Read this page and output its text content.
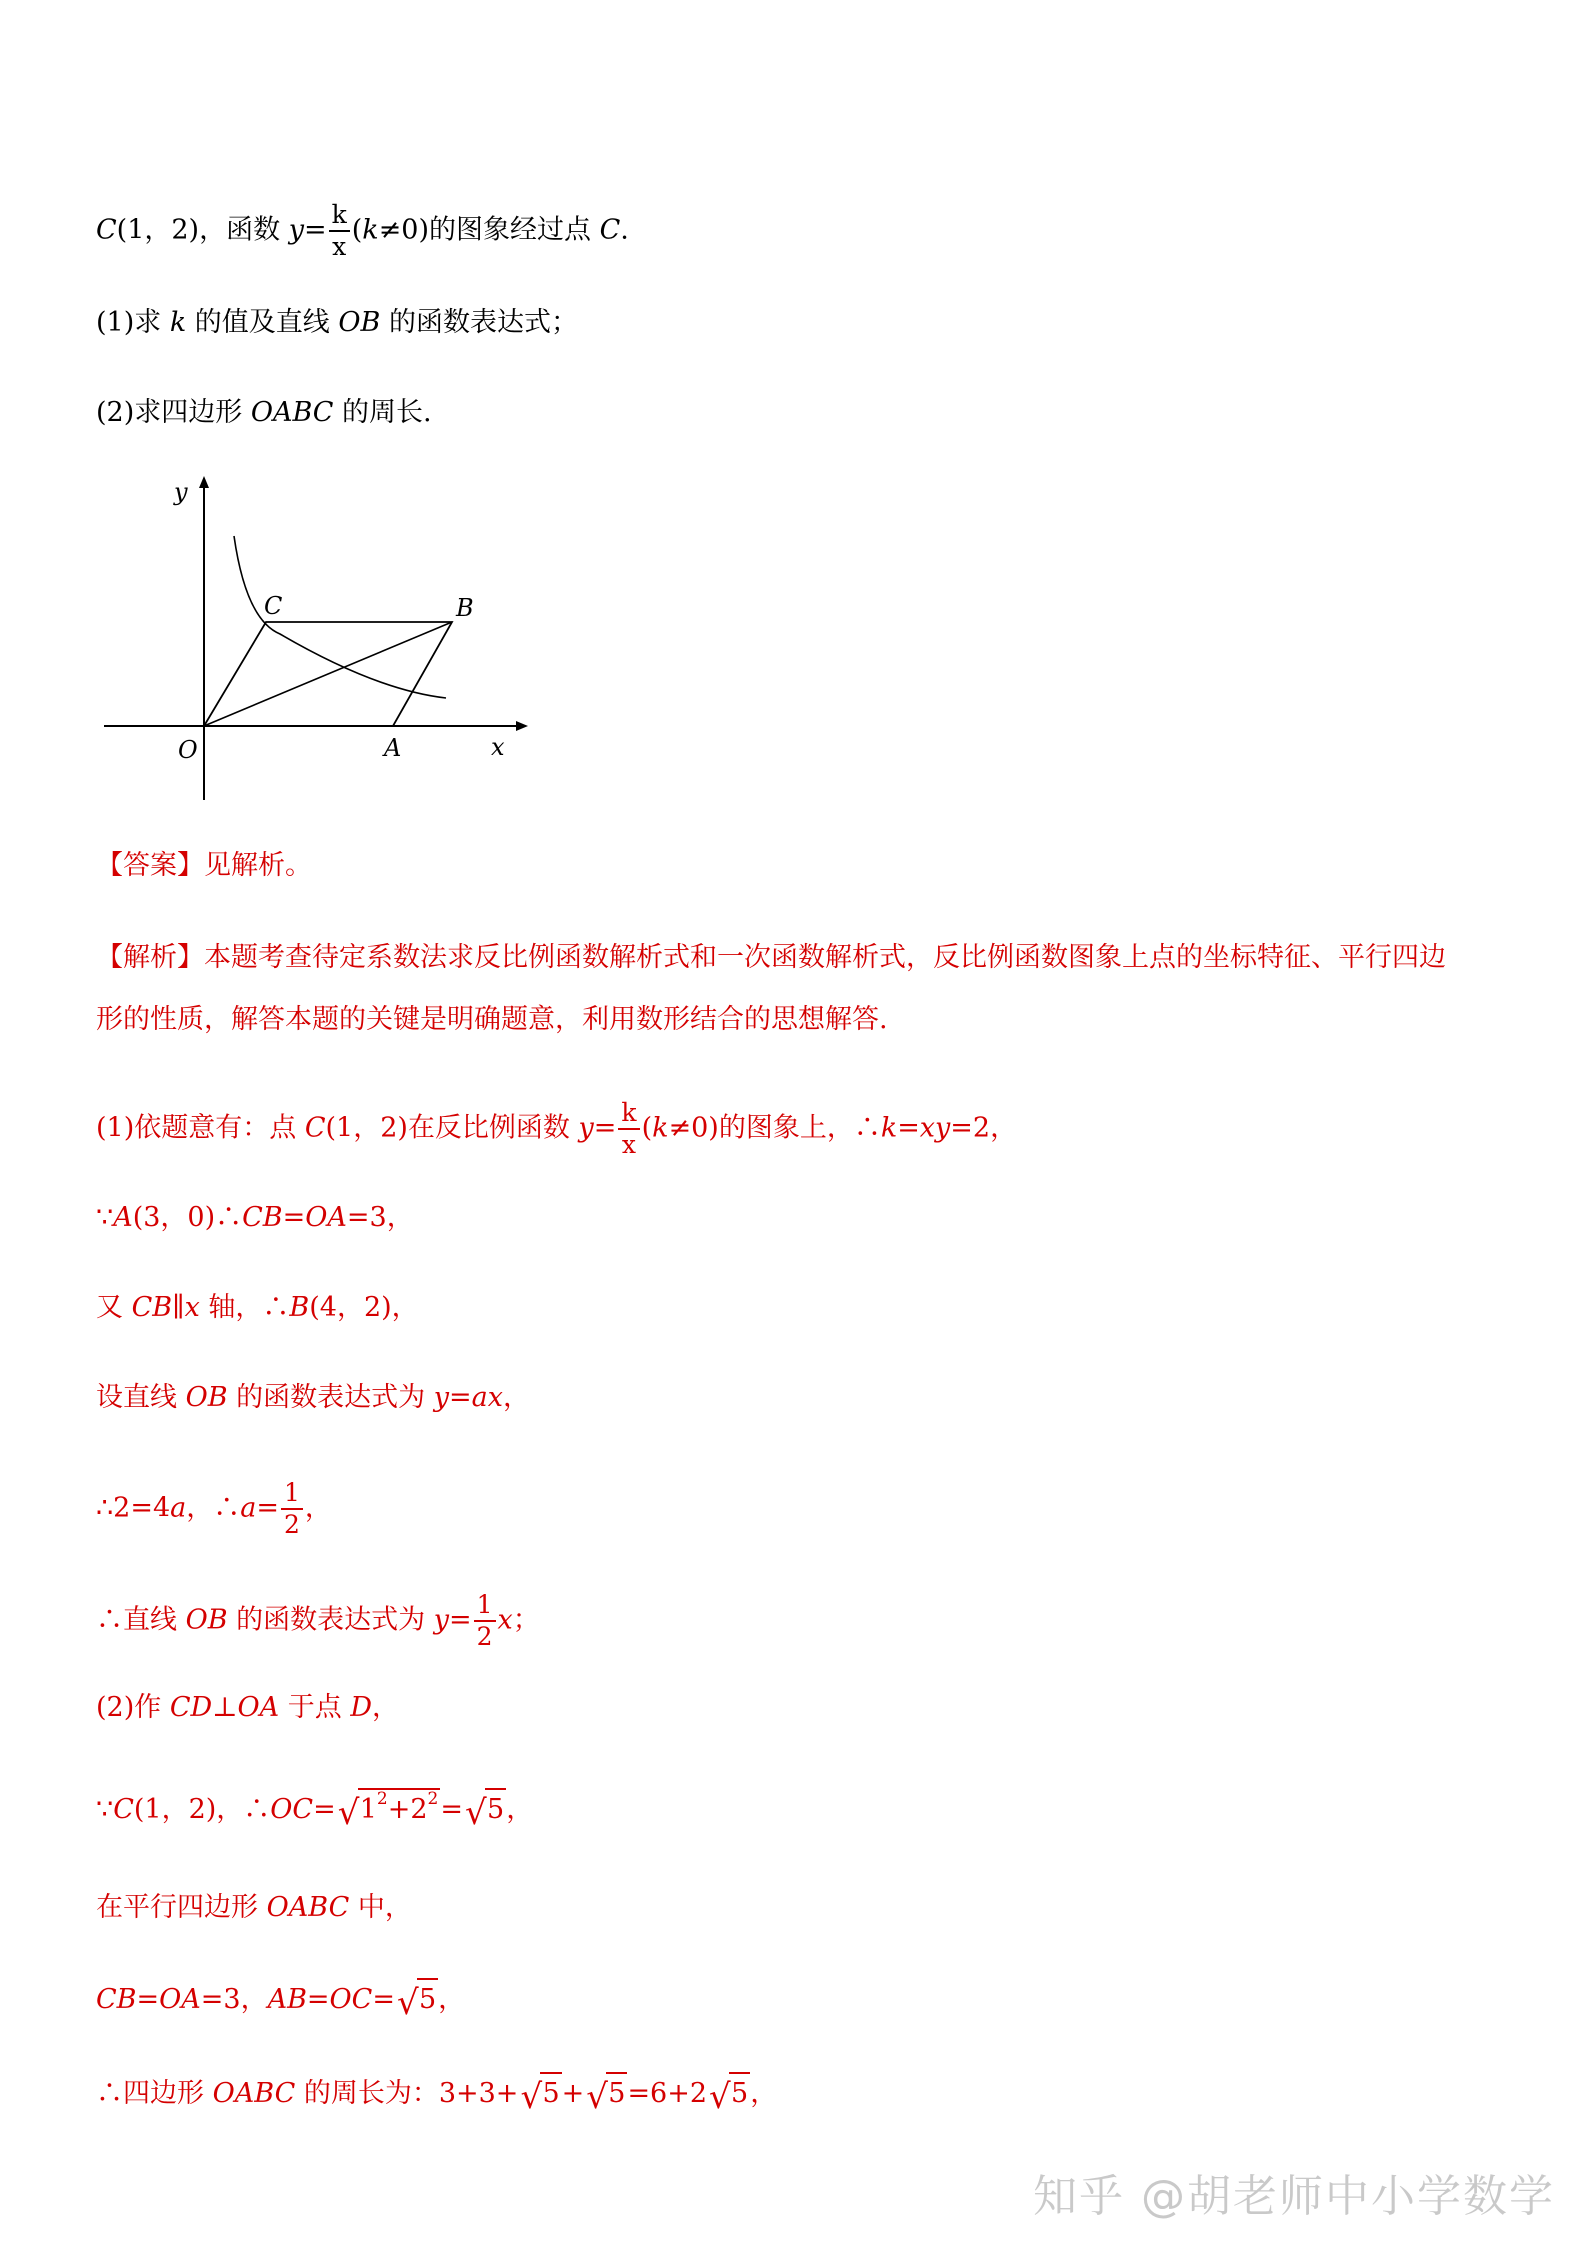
C(1，2)，函数 $y= \frac{k}{x} (k\ne 0)$的图象经过点 C.
(1)求 k 的值及直线 OB 的函数表达式；
(2)求四边形 OABC 的周长.
y
x
O	A
B
C
【答案】见解析。
【解析】本题考查待定系数法求反比例函数解析式和一次函数解析式，反比例函数图象上点的坐标特征、平行四边
形的性质，解答本题的关键是明确题意，利用数形结合的思想解答.
(1)依题意有：点 C(1，2)在反比例函数 $y= \frac{k}{x} (k\ne 0)$的图象上，∴k=xy=2，
∵A(3，0)∴CB=OA=3，
又 CB∥x 轴，∴B(4，2)，
设直线 OB 的函数表达式为 y=ax，
∴2=4a，∴a= $\frac{1}{2}$ ，
∴直线 OB 的函数表达式为 $y= \frac{1}{2}$ x；
(2)作 CD⊥OA 于点 D，
∵C(1，2)，∴OC= √ $1^2+2^2=$ √ 5，
在平行四边形 OABC 中，
CB=OA=3，AB=OC= √ 5，
∴四边形 OABC 的周长为：3+3+ √ 5+ √ 5=6+2 √ 5，
知乎 @胡老师中小学数学
